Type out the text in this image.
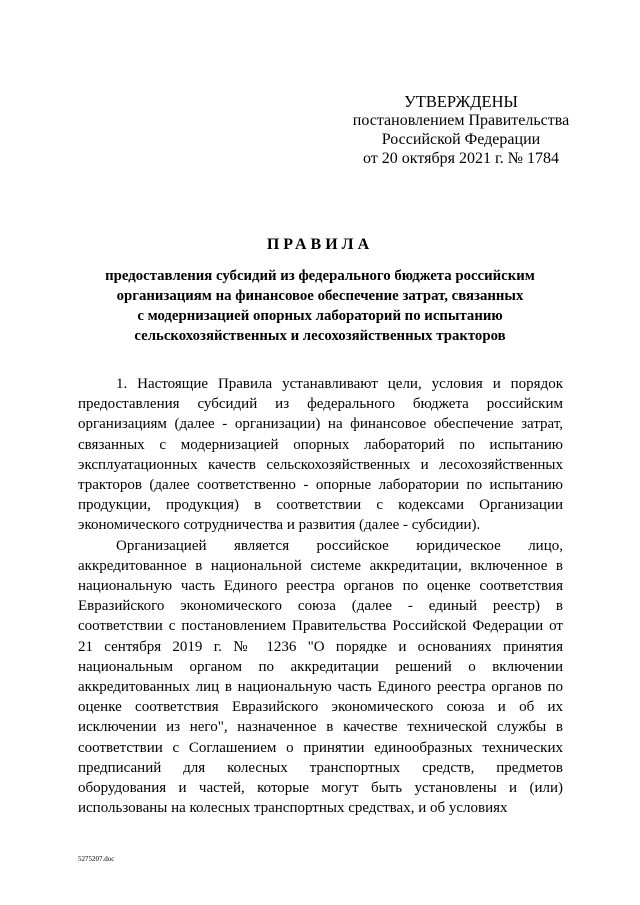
УТВЕРЖДЕНЫ
постановлением Правительства
Российской Федерации
от 20 октября 2021 г. № 1784
ПРАВИЛА
предоставления субсидий из федерального бюджета российским
организациям на финансовое обеспечение затрат, связанных
с модернизацией опорных лабораторий по испытанию
сельскохозяйственных и лесохозяйственных тракторов

1. Настоящие Правила устанавливают цели, условия и порядок предоставления субсидий из федерального бюджета российским организациям (далее - организации) на финансовое обеспечение затрат, связанных с модернизацией опорных лабораторий по испытанию эксплуатационных качеств сельскохозяйственных и лесохозяйственных тракторов (далее соответственно - опорные лаборатории по испытанию продукции, продукция) в соответствии с кодексами Организации экономического сотрудничества и развития (далее - субсидии).

Организацией является российское юридическое лицо, аккредитованное в национальной системе аккредитации, включенное в национальную часть Единого реестра органов по оценке соответствия Евразийского экономического союза (далее - единый реестр) в соответствии с постановлением Правительства Российской Федерации от 21 сентября 2019 г. № 1236 "О порядке и основаниях принятия национальным органом по аккредитации решений о включении аккредитованных лиц в национальную часть Единого реестра органов по оценке соответствия Евразийского экономического союза и об их исключении из него", назначенное в качестве технической службы в соответствии с Соглашением о принятии единообразных технических предписаний для колесных транспортных средств, предметов оборудования и частей, которые могут быть установлены и (или) использованы на колесных транспортных средствах, и об условиях

5275207.doc
